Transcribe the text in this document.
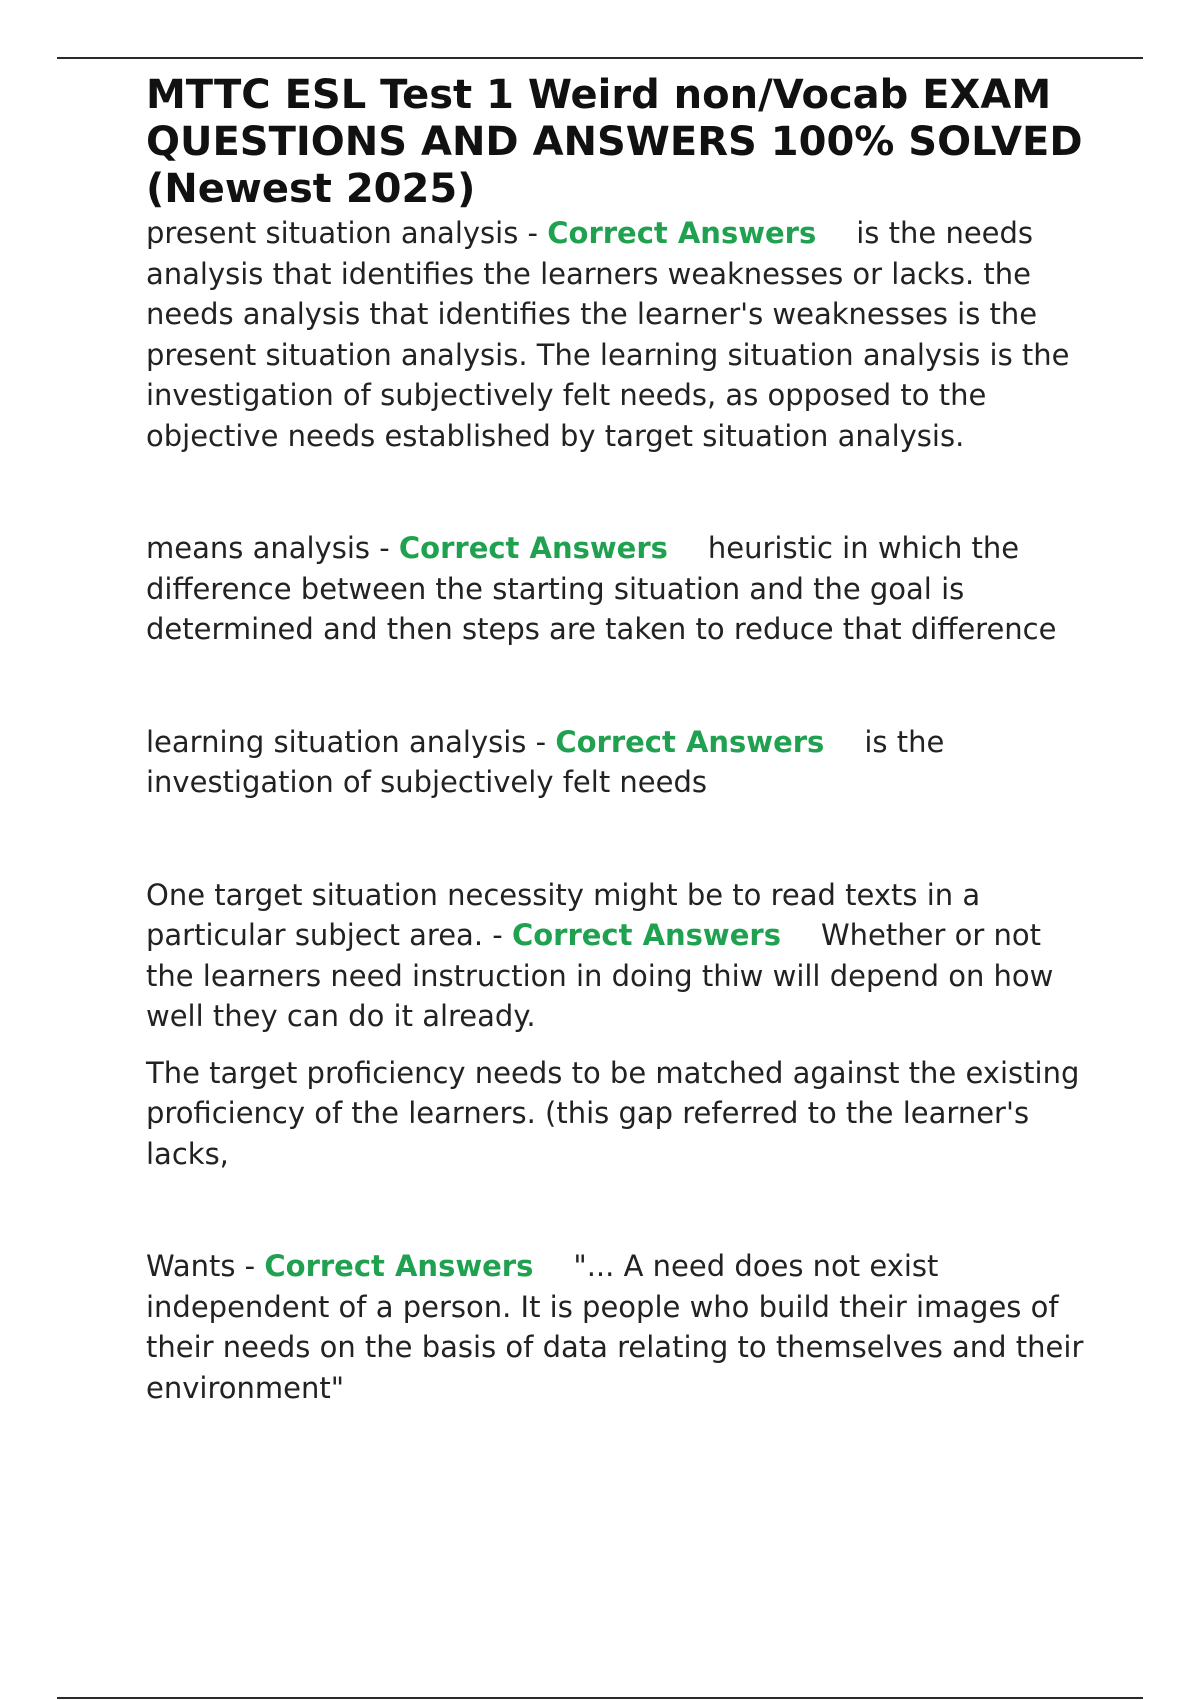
MTTC ESL Test 1 Weird non/Vocab EXAM QUESTIONS AND ANSWERS 100% SOLVED (Newest 2025)

present situation analysis - Correct Answers is the needs analysis that identifies the learners weaknesses or lacks. the needs analysis that identifies the learner's weaknesses is the present situation analysis. The learning situation analysis is the investigation of subjectively felt needs, as opposed to the objective needs established by target situation analysis.

means analysis - Correct Answers heuristic in which the difference between the starting situation and the goal is determined and then steps are taken to reduce that difference

learning situation analysis - Correct Answers is the investigation of subjectively felt needs

One target situation necessity might be to read texts in a particular subject area. - Correct Answers Whether or not the learners need instruction in doing thiw will depend on how well they can do it already.

The target proficiency needs to be matched against the existing proficiency of the learners. (this gap referred to the learner's lacks,

Wants - Correct Answers "... A need does not exist independent of a person. It is people who build their images of their needs on the basis of data relating to themselves and their environment"
